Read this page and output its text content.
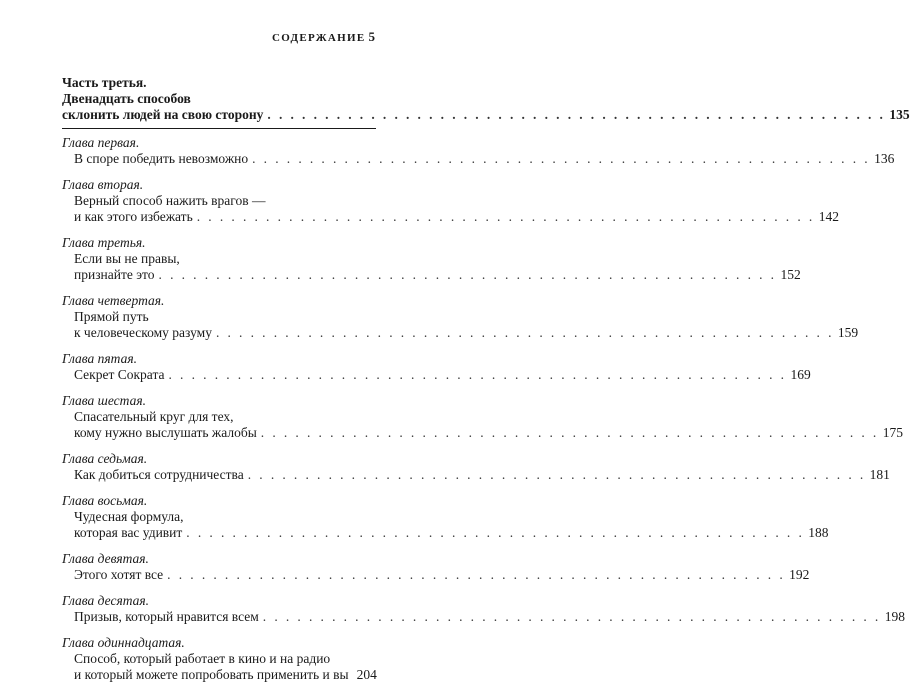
СОДЕРЖАНИЕ 5
Часть третья.
Двенадцать способов
склонить людей на свою сторону . . . . . . . . . . . . . . . . . . . . . . . . . . . . . . . . . . . . . . . . . . . . . . . . . . . . . . 135
Глава первая.
В споре победить невозможно . . . . . . . . . . . . . . . . . . . . . . . . . . . . . . . . . . . . . . . . . . . . . . . . . . . . . . 136
Глава вторая.
Верный способ нажить врагов —
и как этого избежать . . . . . . . . . . . . . . . . . . . . . . . . . . . . . . . . . . . . . . . . . . . . . . . . . . . . . . 142
Глава третья.
Если вы не правы,
признайте это . . . . . . . . . . . . . . . . . . . . . . . . . . . . . . . . . . . . . . . . . . . . . . . . . . . . . . 152
Глава четвертая.
Прямой путь
к человеческому разуму . . . . . . . . . . . . . . . . . . . . . . . . . . . . . . . . . . . . . . . . . . . . . . . . . . . . . . 159
Глава пятая.
Секрет Сократа . . . . . . . . . . . . . . . . . . . . . . . . . . . . . . . . . . . . . . . . . . . . . . . . . . . . . . 169
Глава шестая.
Спасательный круг для тех,
кому нужно выслушать жалобы . . . . . . . . . . . . . . . . . . . . . . . . . . . . . . . . . . . . . . . . . . . . . . . . . . . . . . 175
Глава седьмая.
Как добиться сотрудничества . . . . . . . . . . . . . . . . . . . . . . . . . . . . . . . . . . . . . . . . . . . . . . . . . . . . . . 181
Глава восьмая.
Чудесная формула,
которая вас удивит . . . . . . . . . . . . . . . . . . . . . . . . . . . . . . . . . . . . . . . . . . . . . . . . . . . . . . 188
Глава девятая.
Этого хотят все . . . . . . . . . . . . . . . . . . . . . . . . . . . . . . . . . . . . . . . . . . . . . . . . . . . . . . 192
Глава десятая.
Призыв, который нравится всем . . . . . . . . . . . . . . . . . . . . . . . . . . . . . . . . . . . . . . . . . . . . . . . . . . . . . . 198
Глава одиннадцатая.
Способ, который работает в кино и на радио
и который можете попробовать применить и вы 204
